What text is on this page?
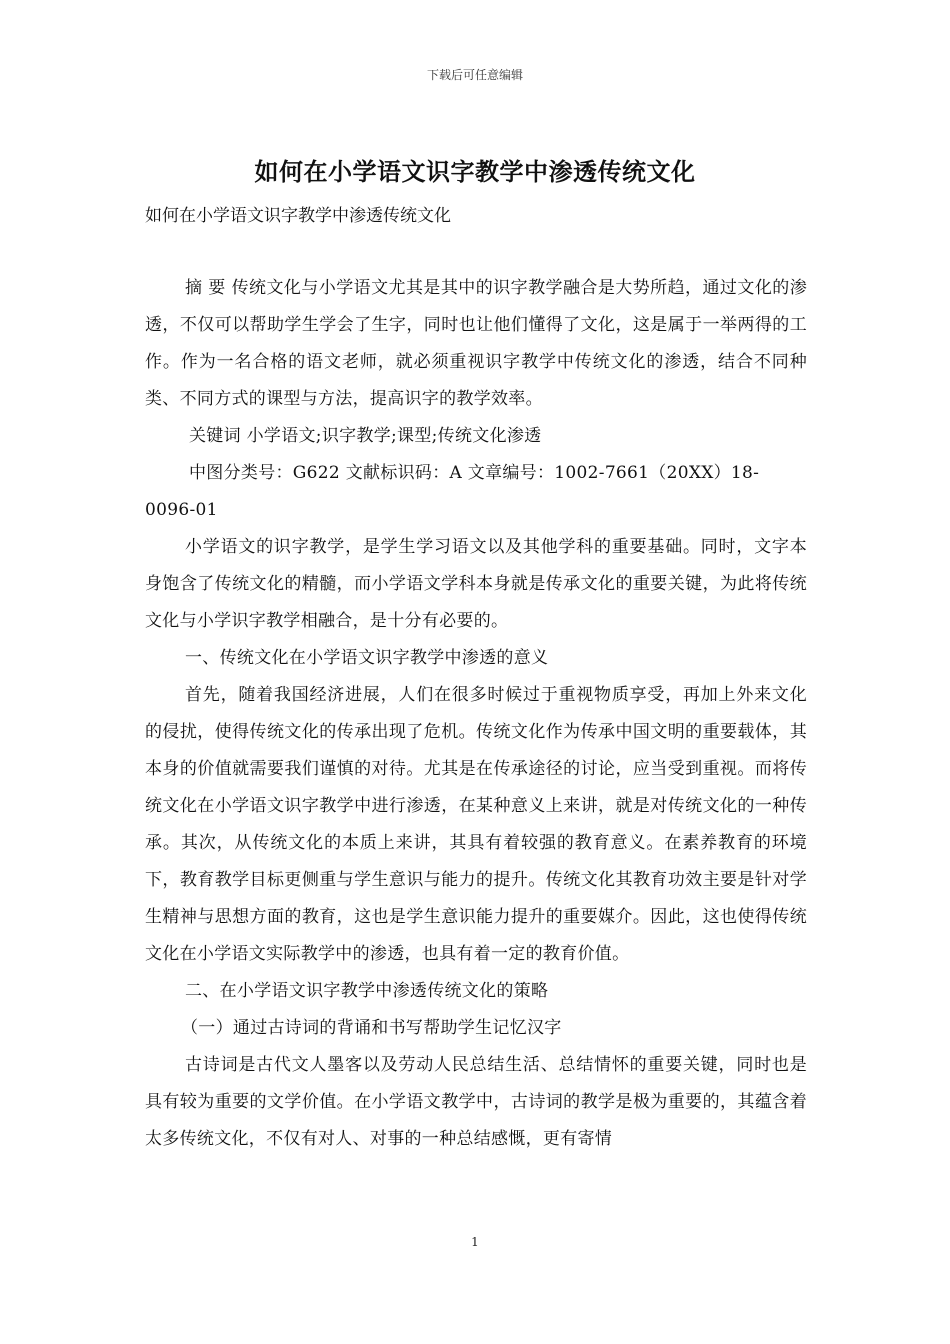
下载后可任意编辑
如何在小学语文识字教学中渗透传统文化
如何在小学语文识字教学中渗透传统文化

摘 要 传统文化与小学语文尤其是其中的识字教学融合是大势所趋，通过文化的渗透，不仅可以帮助学生学会了生字，同时也让他们懂得了文化，这是属于一举两得的工作。作为一名合格的语文老师，就必须重视识字教学中传统文化的渗透，结合不同种类、不同方式的课型与方法，提高识字的教学效率。

关键词 小学语文;识字教学;课型;传统文化渗透

中图分类号：G622 文献标识码：A 文章编号：1002-7661（20XX）18-0096-01

小学语文的识字教学，是学生学习语文以及其他学科的重要基础。同时，文字本身饱含了传统文化的精髓，而小学语文学科本身就是传承文化的重要关键，为此将传统文化与小学识字教学相融合，是十分有必要的。

一、传统文化在小学语文识字教学中渗透的意义

首先，随着我国经济进展，人们在很多时候过于重视物质享受，再加上外来文化的侵扰，使得传统文化的传承出现了危机。传统文化作为传承中国文明的重要载体，其本身的价值就需要我们谨慎的对待。尤其是在传承途径的讨论，应当受到重视。而将传统文化在小学语文识字教学中进行渗透，在某种意义上来讲，就是对传统文化的一种传承。其次，从传统文化的本质上来讲，其具有着较强的教育意义。在素养教育的环境下，教育教学目标更侧重与学生意识与能力的提升。传统文化其教育功效主要是针对学生精神与思想方面的教育，这也是学生意识能力提升的重要媒介。因此，这也使得传统文化在小学语文实际教学中的渗透，也具有着一定的教育价值。

二、在小学语文识字教学中渗透传统文化的策略

（一）通过古诗词的背诵和书写帮助学生记忆汉字

古诗词是古代文人墨客以及劳动人民总结生活、总结情怀的重要关键，同时也是具有较为重要的文学价值。在小学语文教学中，古诗词的教学是极为重要的，其蕴含着太多传统文化，不仅有对人、对事的一种总结感慨，更有寄情

1
